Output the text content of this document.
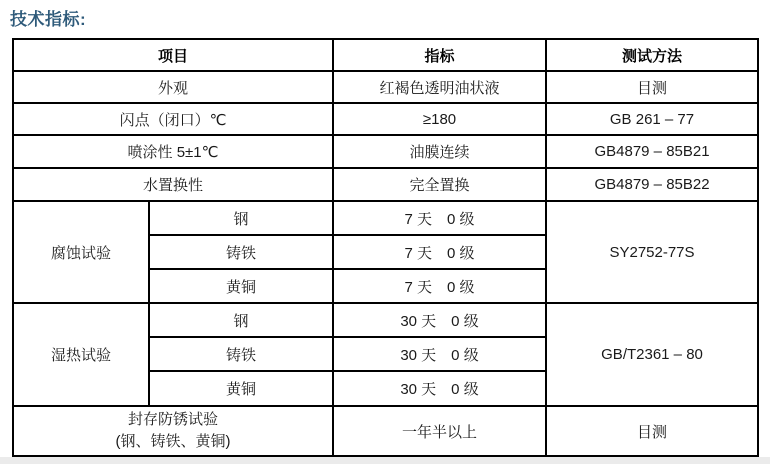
技术指标:
项目		指标	测试方法
外观		红褐色透明油状液	目测
闪点（闭口）℃		≥180	GB 261 – 77
喷涂性 5±1℃		油膜连续	GB4879 – 85B21
水置换性		完全置换	GB4879 – 85B22
腐蚀试验	钢	7 天　0 级	SY2752-77S
	铸铁	7 天　0 级	
	黄铜	7 天　0 级	
湿热试验	钢	30 天　0 级	GB/T2361 – 80
	铸铁	30 天　0 级	
	黄铜	30 天　0 级	

封存防锈试验
(钢、铸铁、黄铜)		一年半以上	目测
